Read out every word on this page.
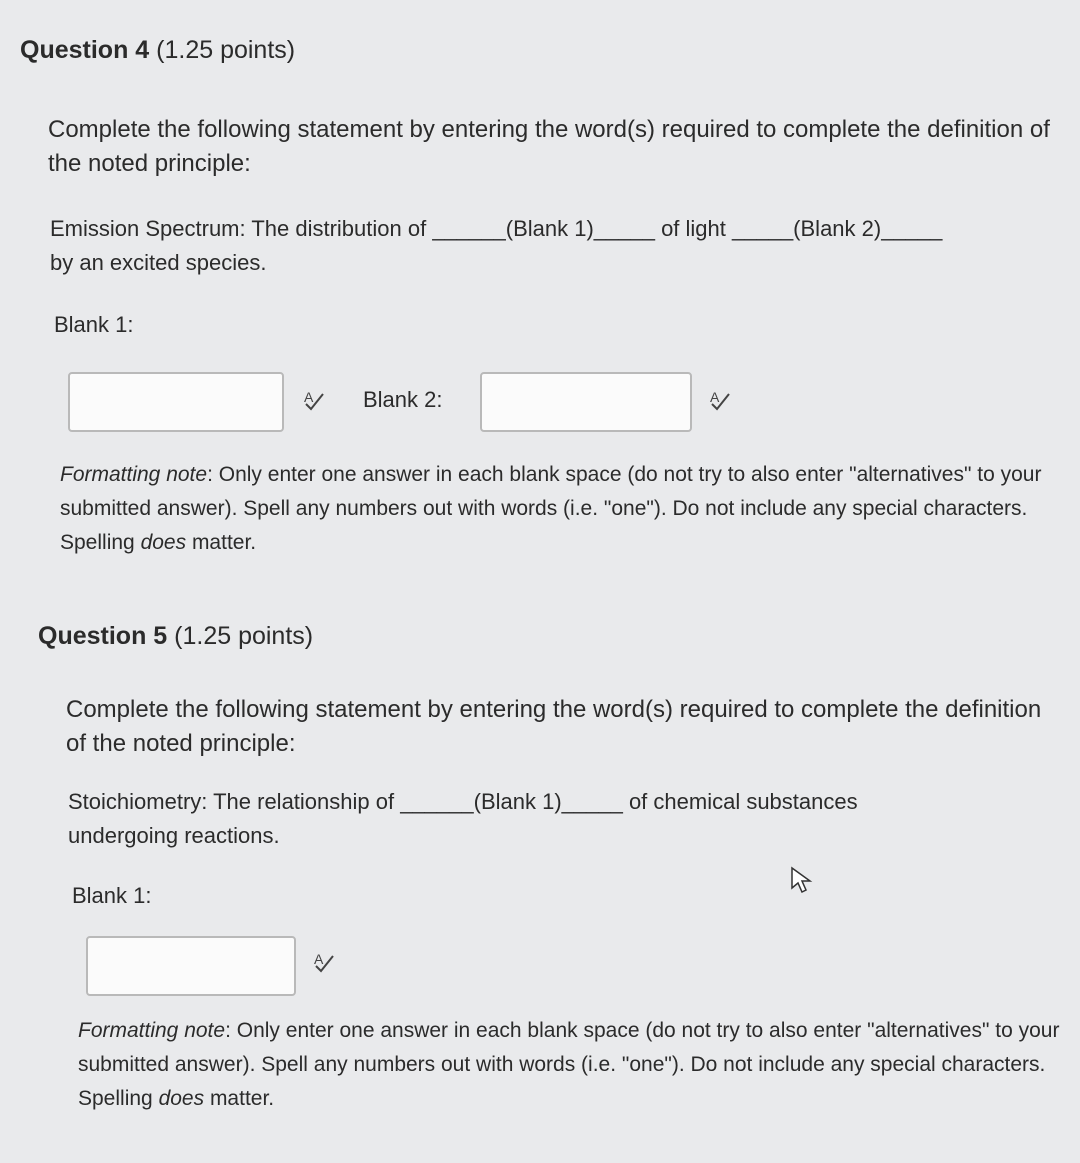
Question 4 (1.25 points)
Complete the following statement by entering the word(s) required to complete the definition of the noted principle:
Emission Spectrum: The distribution of ______(Blank 1)_____ of light _____(Blank 2)_____
by an excited species.
Blank 1:
A Blank 2:	A
Formatting note: Only enter one answer in each blank space (do not try to also enter "alternatives" to your submitted answer). Spell any numbers out with words (i.e. "one"). Do not include any special characters. Spelling does matter.
Question 5 (1.25 points)
Complete the following statement by entering the word(s) required to complete the definition of the noted principle:
Stoichiometry: The relationship of ______(Blank 1)_____ of chemical substances
undergoing reactions.
Blank 1:
A
Formatting note: Only enter one answer in each blank space (do not try to also enter "alternatives" to your submitted answer). Spell any numbers out with words (i.e. "one"). Do not include any special characters. Spelling does matter.
